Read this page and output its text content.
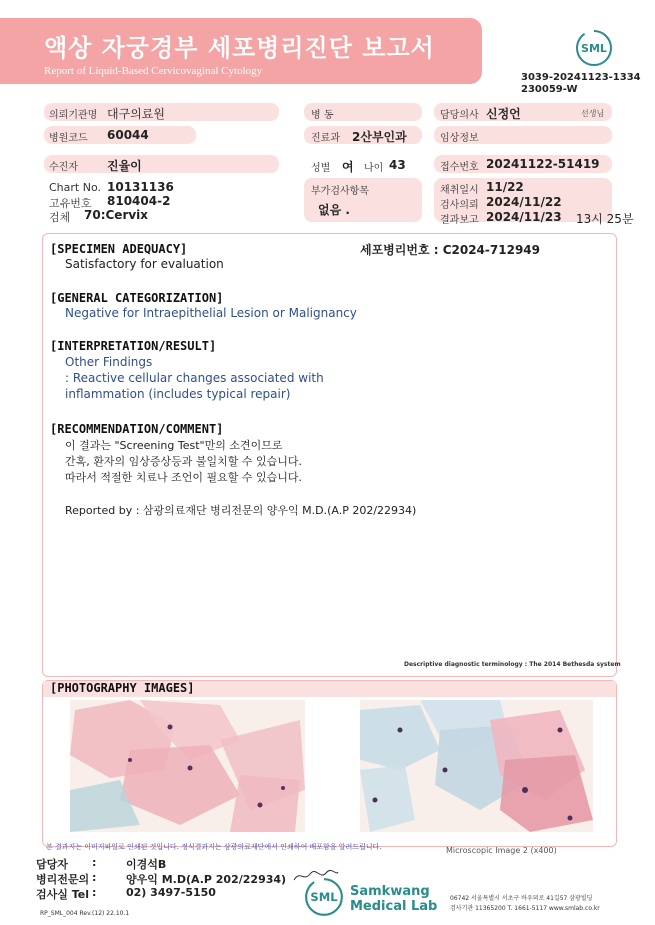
액상 자궁경부 세포병리진단 보고서
Report of Liquid-Based Cervicovaginal Cytology
SML
3039-20241123-1334
230059-W
의뢰기관명 대구의료원
병원코드 60044
수진자 진율이
Chart No. 10131136
고유번호 810404-2
검체 70:Cervix
병 동
진료과 2산부인과
성별 여 나이 43
부가검사항목
없음 .
담당의사 신정언	선생님
임상정보
접수번호 20241122-51419
채취일시 11/22
검사의뢰 2024/11/22
결과보고 2024/11/23 13시 25분
[SPECIMEN ADEQUACY]	세포병리번호 : C2024-712949
Satisfactory for evaluation
[GENERAL CATEGORIZATION]
Negative for Intraepithelial Lesion or Malignancy
[INTERPRETATION/RESULT]
Other Findings
: Reactive cellular changes associated with
inflammation (includes typical repair)
[RECOMMENDATION/COMMENT]
이 결과는 "Screening Test"만의 소견이므로
간혹, 환자의 임상증상등과 불일치할 수 있습니다.
따라서 적절한 치료나 조언이 필요할 수 있습니다.
Reported by : 삼광의료재단 병리전문의 양우익 M.D.(A.P 202/22934)
Descriptive diagnostic terminology : The 2014 Bethesda system
[PHOTOGRAPHY IMAGES]
Microscopic Image 2 (x400)
본 결과지는 이미지파일로 인쇄된 것입니다. 정식결과지는 삼광의료재단에서 인쇄하여 배포함을 알려드립니다.
담당자 :	이경석B
병리전문의 :	양우익 M.D(A.P 202/22934)
검사실 Tel :	02) 3497-5150	SML Samkwang
Medical Lab
06742 서울특별시 서초구 바우뫼로 41길57 삼광빌딩
검사기관 11365200 T. 1661-5117 www.smlab.co.kr
RP_SML_004 Rev.(12) 22.10.1
